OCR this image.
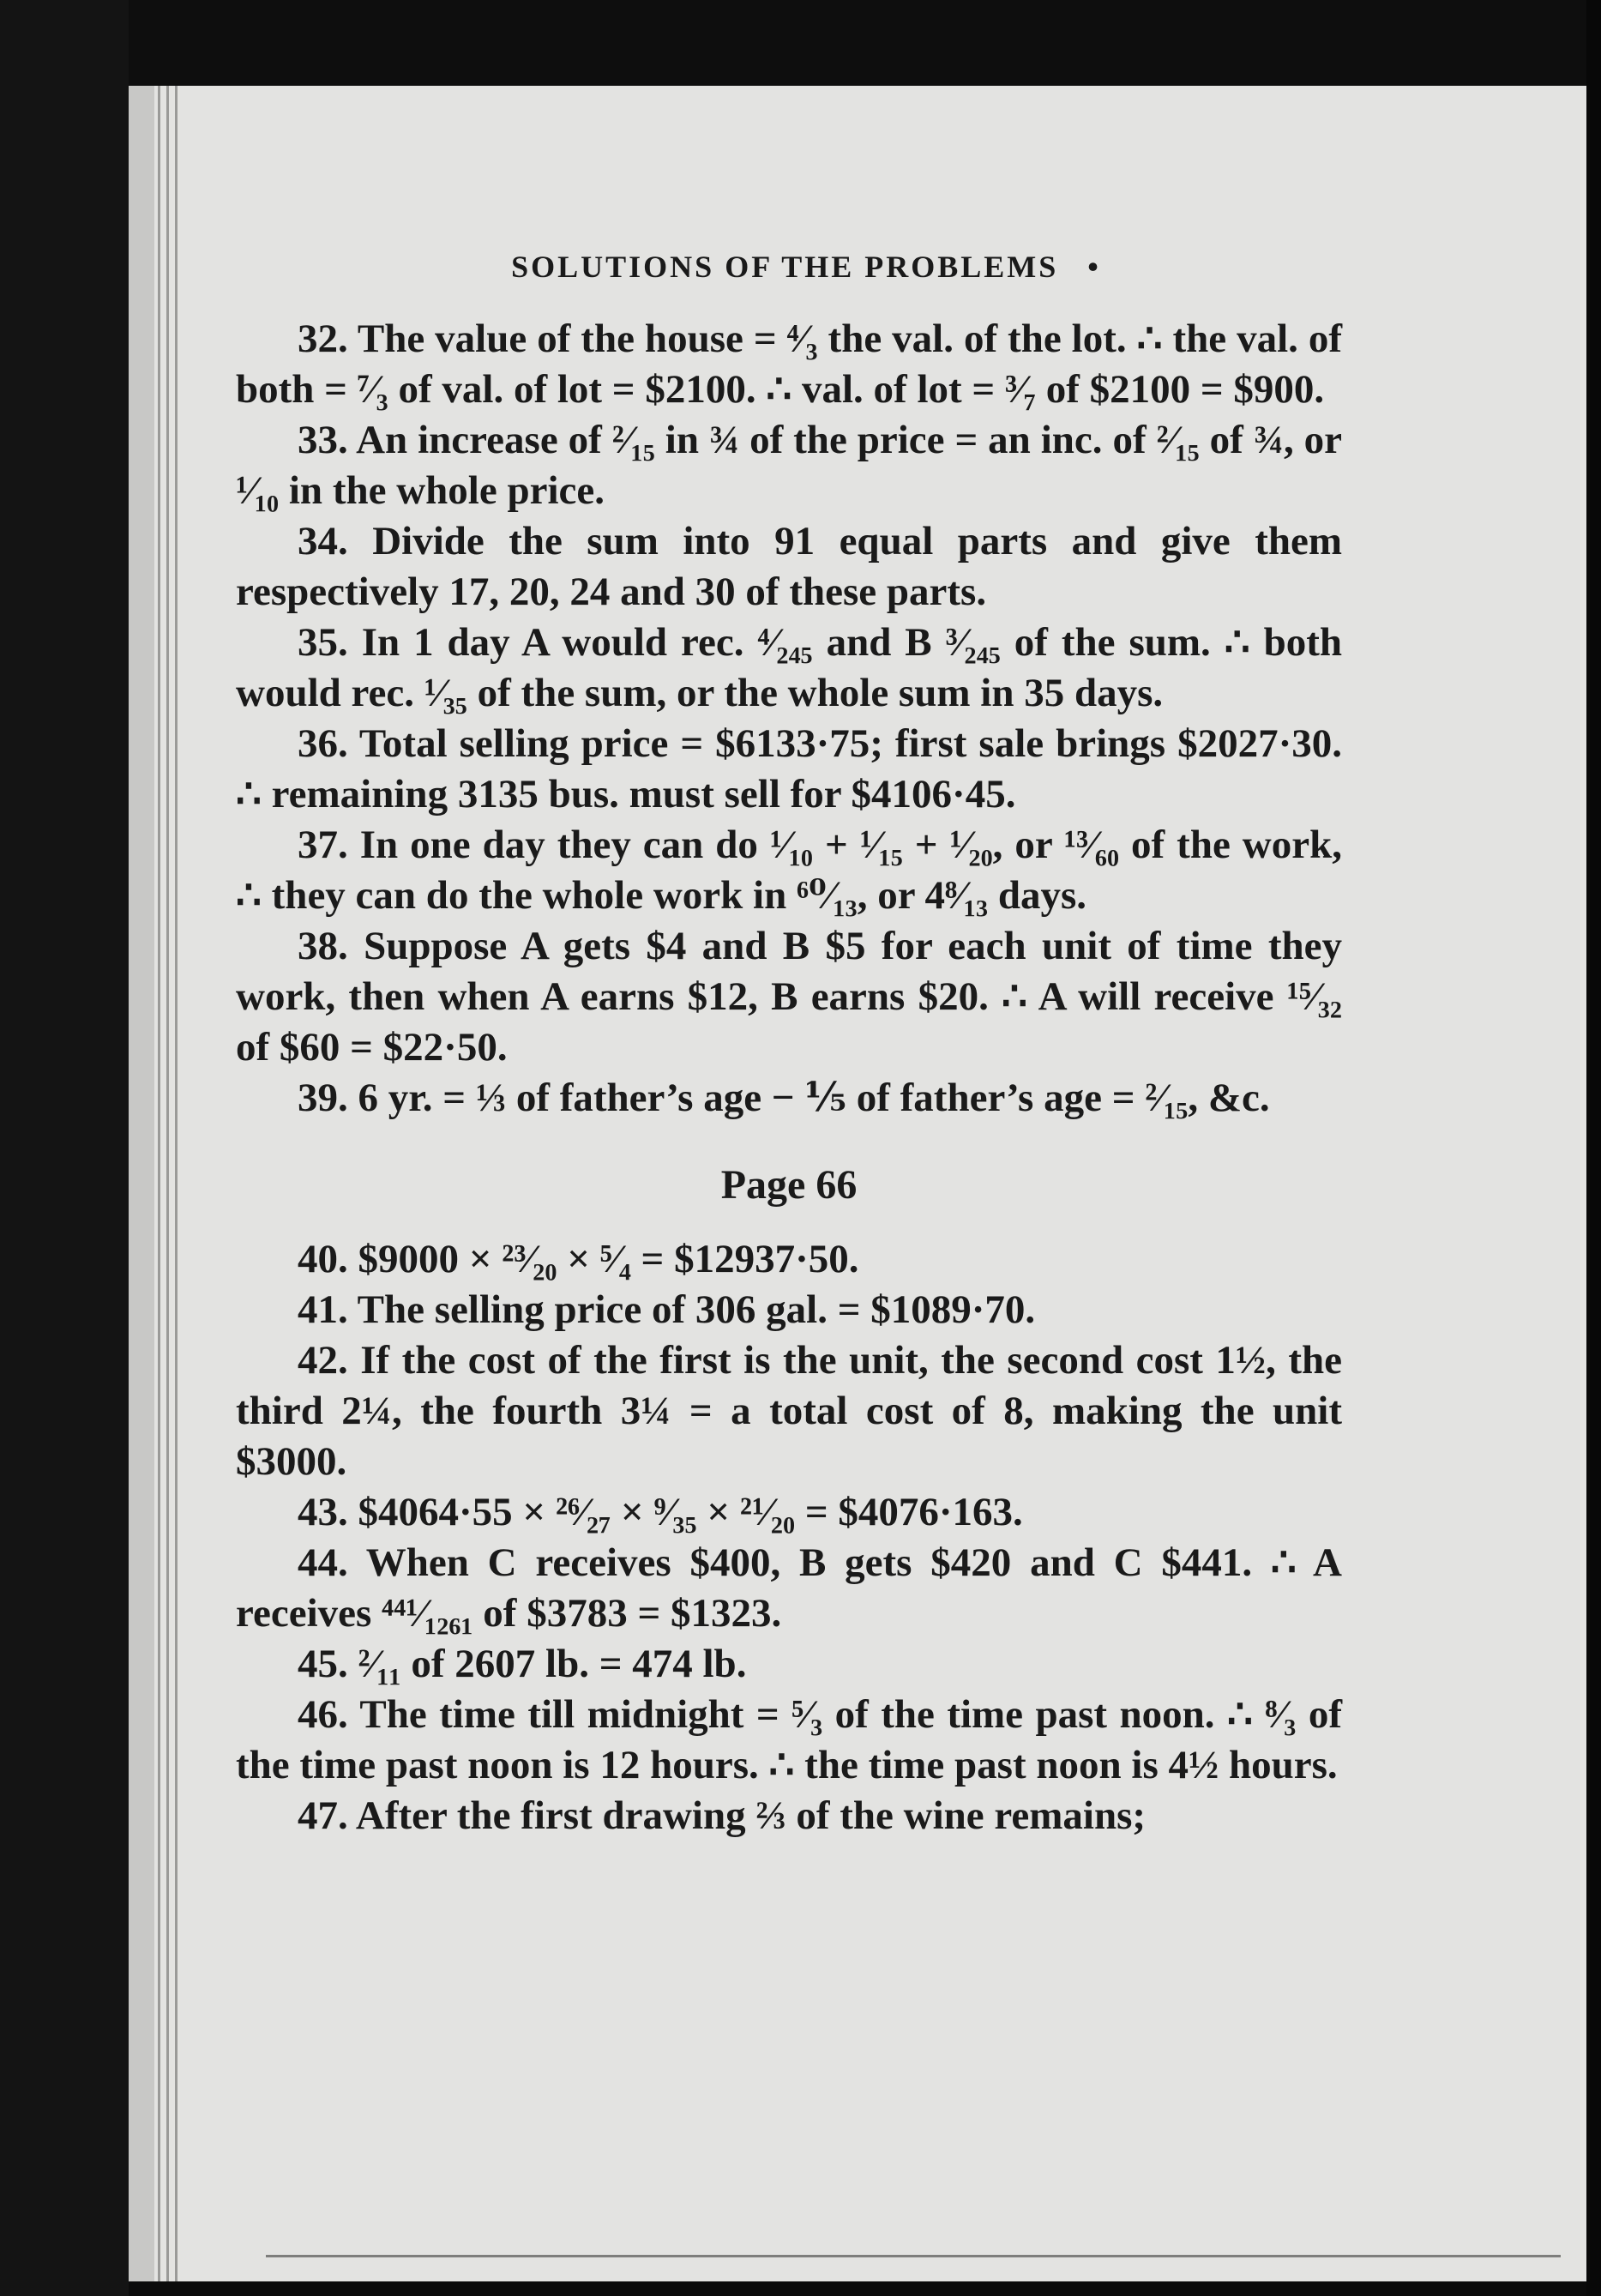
SOLUTIONS OF THE PROBLEMS •

32. The value of the house = ⁴⁄₃ the val. of the lot. ∴ the val. of both = ⁷⁄₃ of val. of lot = $2100. ∴ val. of lot = ³⁄₇ of $2100 = $900.

33. An increase of ²⁄₁₅ in ¾ of the price = an inc. of ²⁄₁₅ of ¾, or ¹⁄₁₀ in the whole price.

34. Divide the sum into 91 equal parts and give them respectively 17, 20, 24 and 30 of these parts.

35. In 1 day A would rec. ⁴⁄₂₄₅ and B ³⁄₂₄₅ of the sum. ∴ both would rec. ¹⁄₃₅ of the sum, or the whole sum in 35 days.

36. Total selling price = $6133·75; first sale brings $2027·30. ∴ remaining 3135 bus. must sell for $4106·45.

37. In one day they can do ¹⁄₁₀ + ¹⁄₁₅ + ¹⁄₂₀, or ¹³⁄₆₀ of the work, ∴ they can do the whole work in ⁶⁰⁄₁₃, or 4⁸⁄₁₃ days.

38. Suppose A gets $4 and B $5 for each unit of time they work, then when A earns $12, B earns $20. ∴ A will receive ¹⁵⁄₃₂ of $60 = $22·50.

39. 6 yr. = ⅓ of father’s age − ⅕ of father’s age = ²⁄₁₅, &c.

Page 66

40. $9000 × ²³⁄₂₀ × ⁵⁄₄ = $12937·50.

41. The selling price of 306 gal. = $1089·70.

42. If the cost of the first is the unit, the second cost 1½, the third 2¼, the fourth 3¼ = a total cost of 8, making the unit $3000.

43. $4064·55 × ²⁶⁄₂₇ × ⁹⁄₃₅ × ²¹⁄₂₀ = $4076·163.

44. When C receives $400, B gets $420 and C $441. ∴ A receives ⁴⁴¹⁄₁₂₆₁ of $3783 = $1323.

45. ²⁄₁₁ of 2607 lb. = 474 lb.

46. The time till midnight = ⁵⁄₃ of the time past noon. ∴ ⁸⁄₃ of the time past noon is 12 hours. ∴ the time past noon is 4½ hours.

47. After the first drawing ⅔ of the wine remains;
